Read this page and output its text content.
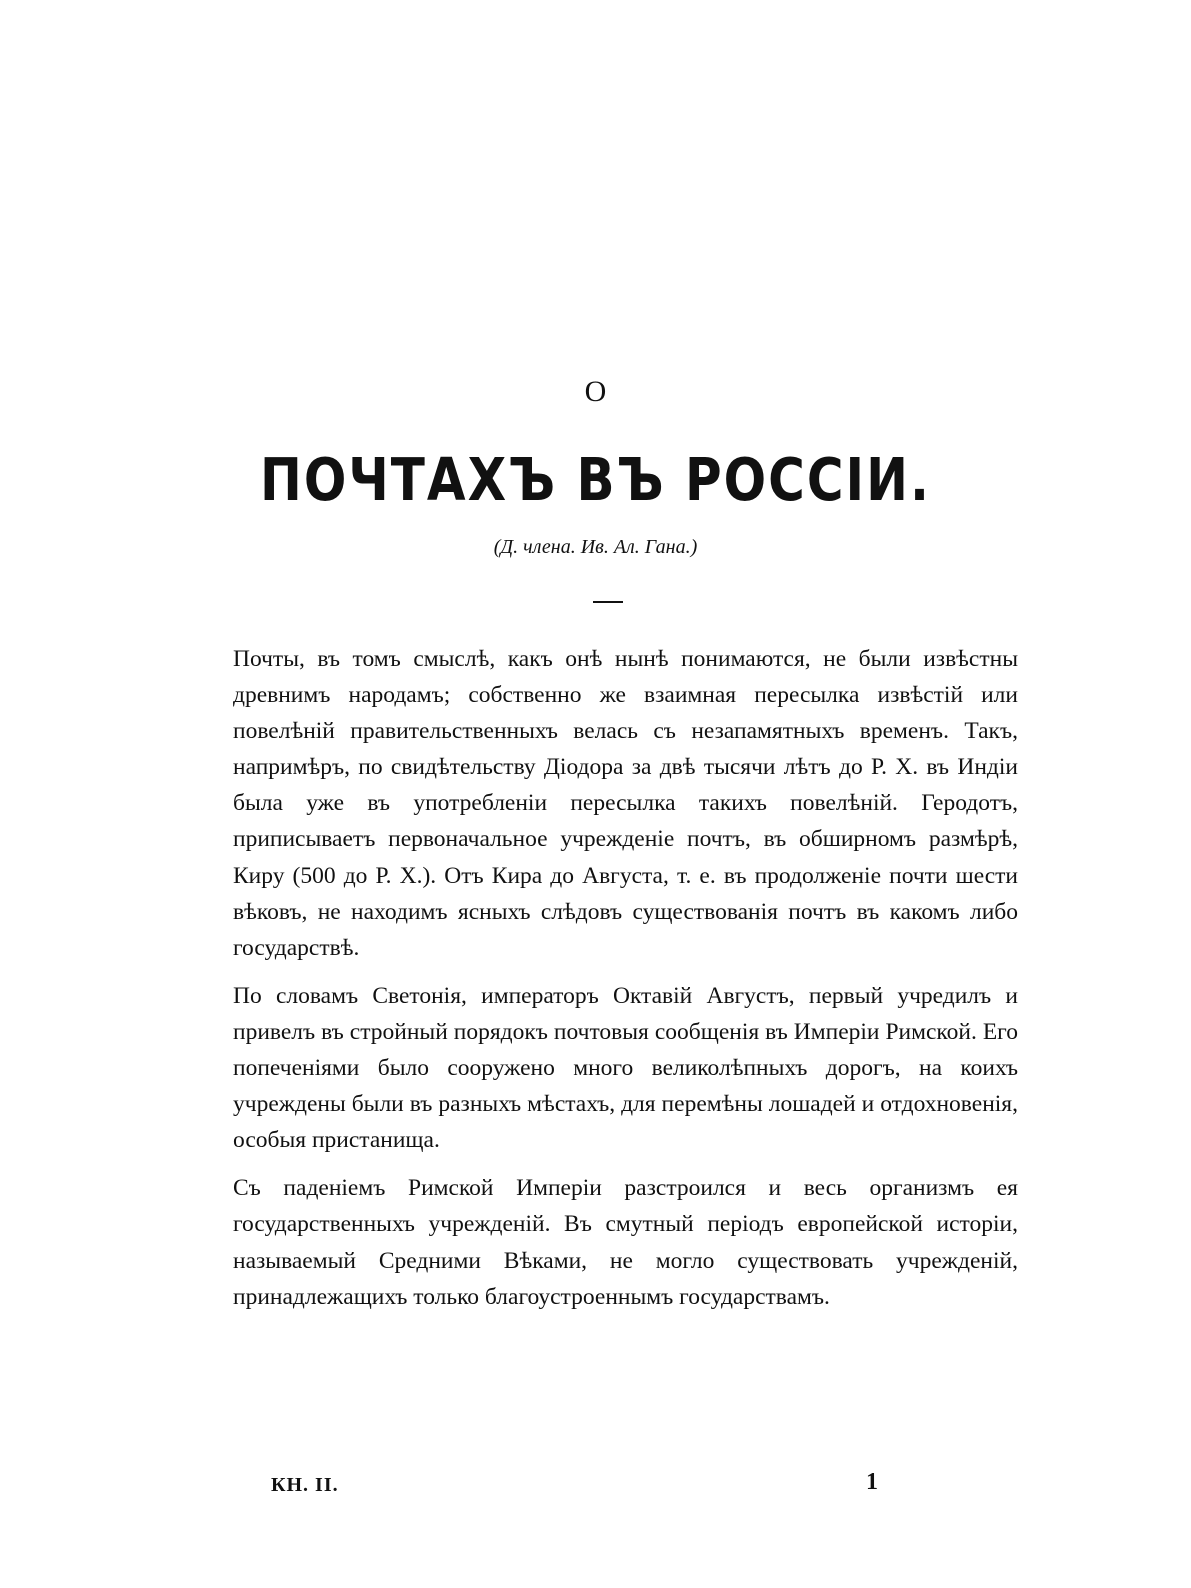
О
ПОЧТАХЪ ВЪ РОССІИ.
(Д. члена. Ив. Ал. Гана.)

Почты, въ томъ смыслѣ, какъ онѣ нынѣ понимаются, не были извѣстны древнимъ народамъ; собственно же взаимная пересылка извѣстій или повелѣній правительственныхъ велась съ незапамятныхъ временъ. Такъ, напримѣръ, по свидѣтельству Діодора за двѣ тысячи лѣтъ до Р. Х. въ Индіи была уже въ употребленіи пересылка такихъ повелѣній. Геродотъ, приписываетъ первоначальное учрежденіе почтъ, въ обширномъ размѣрѣ, Киру (500 до Р. Х.). Отъ Кира до Августа, т. е. въ продолженіе почти шести вѣковъ, не находимъ ясныхъ слѣдовъ существованія почтъ въ какомъ либо государствѣ.

По словамъ Светонія, императоръ Октавій Августъ, первый учредилъ и привелъ въ стройный порядокъ почтовыя сообщенія въ Имперіи Римской. Его попеченіями было сооружено много великолѣпныхъ дорогъ, на коихъ учреждены были въ разныхъ мѣстахъ, для перемѣны лошадей и отдохновенія, особыя пристанища.

Съ паденіемъ Римской Имперіи разстроился и весь организмъ ея государственныхъ учрежденій. Въ смутный періодъ европейской исторіи, называемый Средними Вѣками, не могло существовать учрежденій, принадлежащихъ только благоустроеннымъ государствамъ.

КН. II.	1
